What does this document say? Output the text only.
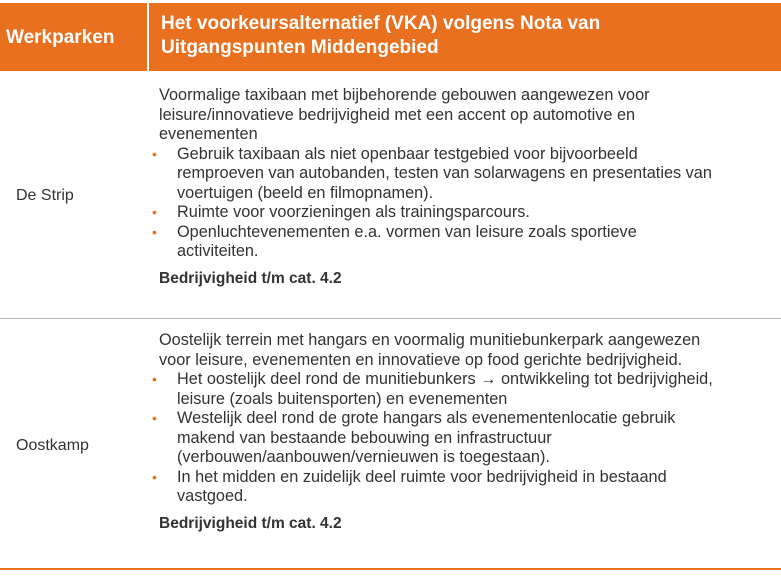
Werkparken
Het voorkeursalternatief (VKA) volgens Nota van
Uitgangspunten Middengebied
De Strip

Voormalige taxibaan met bijbehorende gebouwen aangewezen voor
leisure/innovatieve bedrijvigheid met een accent op automotive en
evenementen

• Gebruik taxibaan als niet openbaar testgebied voor bijvoorbeeld
remproeven van autobanden, testen van solarwagens en presentaties van
voertuigen (beeld en filmopnamen).
• Ruimte voor voorzieningen als trainingsparcours.
• Openluchtevenementen e.a. vormen van leisure zoals sportieve
activiteiten.
Bedrijvigheid t/m cat. 4.2
Oostkamp

Oostelijk terrein met hangars en voormalig munitiebunkerpark aangewezen
voor leisure, evenementen en innovatieve op food gerichte bedrijvigheid.

• Het oostelijk deel rond de munitiebunkers → ontwikkeling tot bedrijvigheid,
leisure (zoals buitensporten) en evenementen
• Westelijk deel rond de grote hangars als evenementenlocatie gebruik
makend van bestaande bebouwing en infrastructuur
(verbouwen/aanbouwen/vernieuwen is toegestaan).
• In het midden en zuidelijk deel ruimte voor bedrijvigheid in bestaand
vastgoed.
Bedrijvigheid t/m cat. 4.2
